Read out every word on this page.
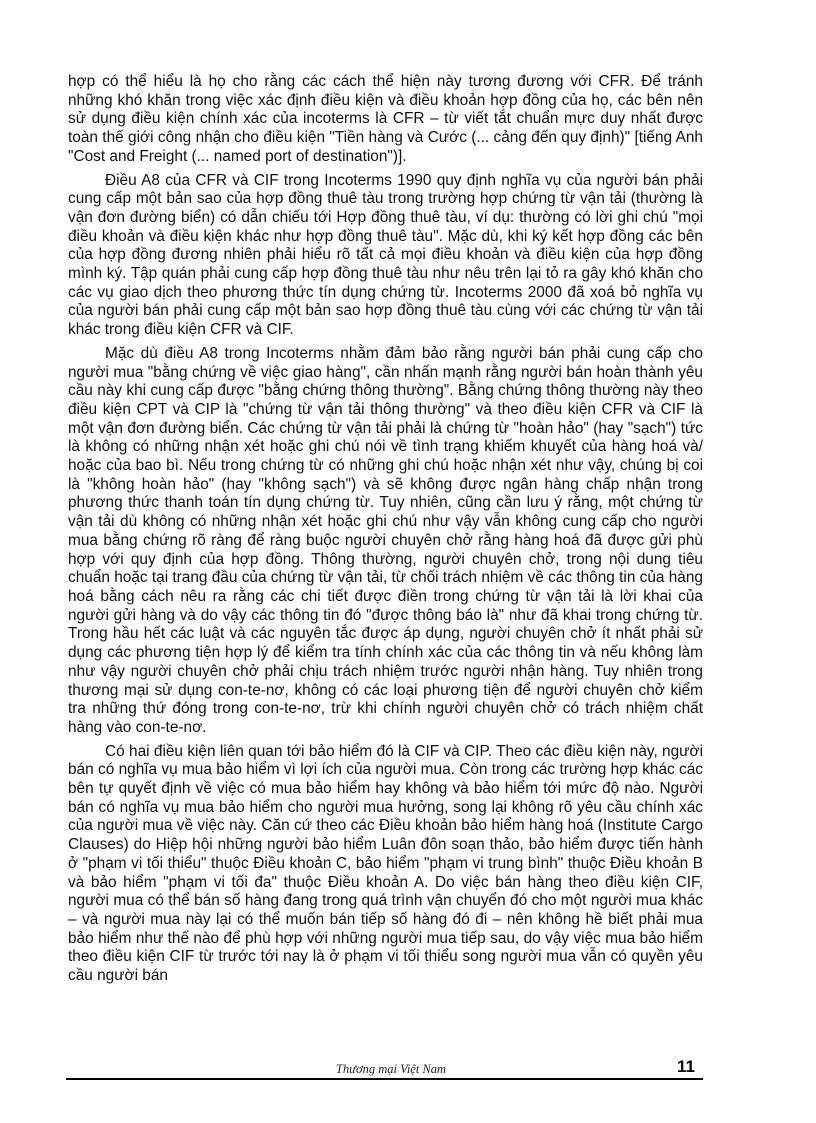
hợp có thể hiểu là họ cho rằng các cách thể hiện này tương đương với CFR. Để tránh những khó khăn trong việc xác định điều kiện và điều khoản hợp đồng của họ, các bên nên sử dụng điều kiện chính xác của incoterms là CFR – từ viết tắt chuẩn mực duy nhất được toàn thế giới công nhận cho điều kiện "Tiền hàng và Cước (... cảng đến quy định)" [tiếng Anh "Cost and Freight (... named port of destination")].

Điều A8 của CFR và CIF trong Incoterms 1990 quy định nghĩa vụ của người bán phải cung cấp một bản sao của hợp đồng thuê tàu trong trường hợp chứng từ vận tải (thường là vận đơn đường biển) có dẫn chiếu tới Hợp đồng thuê tàu, ví dụ: thường có lời ghi chú "mọi điều khoản và điều kiện khác như hợp đồng thuê tàu". Mặc dù, khi ký kết hợp đồng các bên của hợp đồng đương nhiên phải hiểu rõ tất cả mọi điều khoản và điều kiện của hợp đồng mình ký. Tập quán phải cung cấp hợp đồng thuê tàu như nêu trên lại tỏ ra gây khó khăn cho các vụ giao dịch theo phương thức tín dụng chứng từ. Incoterms 2000 đã xoá bỏ nghĩa vụ của người bán phải cung cấp một bản sao hợp đồng thuê tàu cùng với các chứng từ vận tải khác trong điều kiện CFR và CIF.

Mặc dù điều A8 trong Incoterms nhằm đảm bảo rằng người bán phải cung cấp cho người mua "bằng chứng về việc giao hàng", cần nhấn mạnh rằng người bán hoàn thành yêu cầu này khi cung cấp được "bằng chứng thông thường". Bằng chứng thông thường này theo điều kiện CPT và CIP là "chứng từ vận tải thông thường" và theo điều kiện CFR và CIF là một vận đơn đường biển. Các chứng từ vận tải phải là chứng từ "hoàn hảo" (hay "sạch") tức là không có những nhận xét hoặc ghi chú nói về tình trạng khiếm khuyết của hàng hoá và/ hoặc của bao bì. Nếu trong chứng từ có những ghi chú hoặc nhận xét như vậy, chúng bị coi là "không hoàn hảo" (hay "không sạch") và sẽ không được ngân hàng chấp nhận trong phương thức thanh toán tín dụng chứng từ. Tuy nhiên, cũng cần lưu ý rằng, một chứng từ vận tải dù không có những nhận xét hoặc ghi chú như vậy vẫn không cung cấp cho người mua bằng chứng rõ ràng để ràng buộc người chuyên chở rằng hàng hoá đã được gửi phù hợp với quy định của hợp đồng. Thông thường, người chuyên chở, trong nội dung tiêu chuẩn hoặc tại trang đầu của chứng từ vận tải, từ chối trách nhiệm về các thông tin của hàng hoá bằng cách nêu ra rằng các chi tiết được điền trong chứng từ vận tải là lời khai của người gửi hàng và do vậy các thông tin đó "được thông báo là" như đã khai trong chứng từ. Trong hầu hết các luật và các nguyên tắc được áp dụng, người chuyên chở ít nhất phải sử dụng các phương tiện hợp lý để kiểm tra tính chính xác của các thông tin và nếu không làm như vậy người chuyên chở phải chịu trách nhiệm trước người nhận hàng. Tuy nhiên trong thương mại sử dụng con-te-nơ, không có các loại phương tiện để người chuyên chở kiểm tra những thứ đóng trong con-te-nơ, trừ khi chính người chuyên chở có trách nhiệm chất hàng vào con-te-nơ.

Có hai điều kiện liên quan tới bảo hiểm đó là CIF và CIP. Theo các điều kiện này, người bán có nghĩa vụ mua bảo hiểm vì lợi ích của người mua. Còn trong các trường hợp khác các bên tự quyết định về việc có mua bảo hiểm hay không và bảo hiểm tới mức độ nào. Người bán có nghĩa vụ mua bảo hiểm cho người mua hưởng, song lại không rõ yêu cầu chính xác của người mua về việc này. Căn cứ theo các Điều khoản bảo hiểm hàng hoá (Institute Cargo Clauses) do Hiệp hội những người bảo hiểm Luân đôn soạn thảo, bảo hiểm được tiến hành ở "phạm vi tối thiểu" thuộc Điều khoản C, bảo hiểm "phạm vi trung bình" thuộc Điều khoản B và bảo hiểm "phạm vi tối đa" thuộc Điều khoản A. Do việc bán hàng theo điều kiện CIF, người mua có thể bán số hàng đang trong quá trình vận chuyển đó cho một người mua khác – và người mua này lại có thể muốn bán tiếp số hàng đó đi – nên không hề biết phải mua bảo hiểm như thế nào để phù hợp với những người mua tiếp sau, do vậy việc mua bảo hiểm theo điều kiện CIF từ trước tới nay là ở phạm vi tối thiểu song người mua vẫn có quyền yêu cầu người bán

Thương mại Việt Nam	11
